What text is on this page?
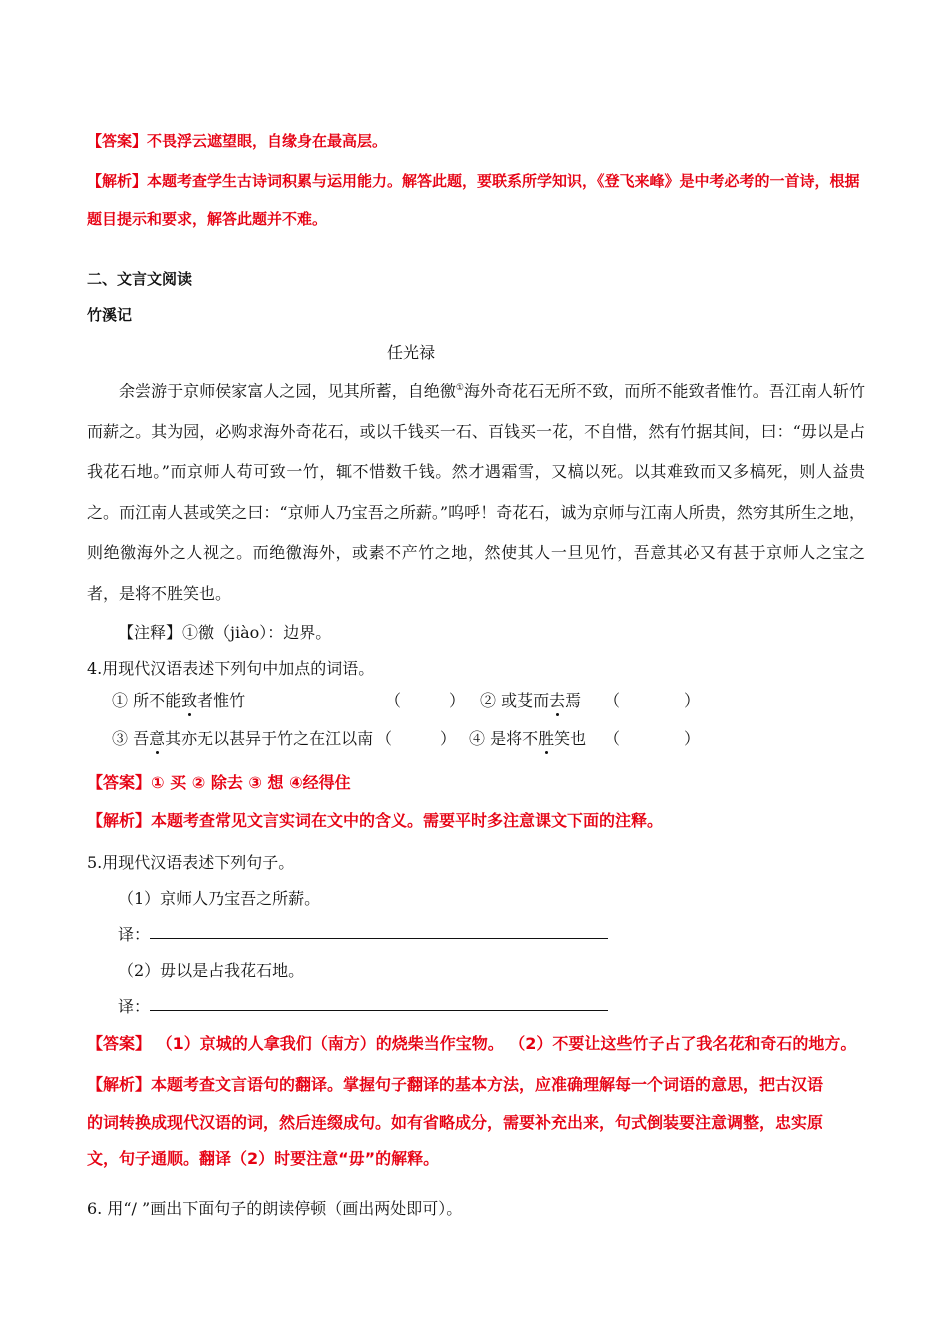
【答案】不畏浮云遮望眼，自缘身在最高层。
【解析】本题考查学生古诗词积累与运用能力。解答此题，要联系所学知识，《登飞来峰》是中考必考的一首诗，根据
题目提示和要求，解答此题并不难。
二、文言文阅读
竹溪记
任光禄

余尝游于京师侯家富人之园，见其所蓄，自绝徼①海外奇花石无所不致，而所不能致者惟竹。吾江南人斩竹而薪之。其为园，必购求海外奇花石，或以千钱买一石、百钱买一花，不自惜，然有竹据其间，曰：“毋以是占我花石地。”而京师人苟可致一竹，辄不惜数千钱。然才遇霜雪，又槁以死。以其难致而又多槁死，则人益贵之。而江南人甚或笑之曰：“京师人乃宝吾之所薪。”呜呼！奇花石，诚为京师与江南人所贵，然穷其所生之地，则绝徼海外之人视之。而绝徼海外，或素不产竹之地，然使其人一旦见竹，吾意其必又有甚于京师人之宝之者，是将不胜笑也。

【注释】①徼（jiào）：边界。
4.用现代汉语表述下列句中加点的词语。
① 所不能致者惟竹	（　　　） ② 或芟而去焉 （　　　　）
③ 吾意其亦无以甚异于竹之在江以南 （　　　） ④ 是将不胜笑也 （　　　　）
【答案】① 买 ② 除去 ③ 想 ④经得住
【解析】本题考查常见文言实词在文中的含义。需要平时多注意课文下面的注释。
5.用现代汉语表述下列句子。
（1）京师人乃宝吾之所薪。
译：
（2）毋以是占我花石地。
译：
【答案】 （1）京城的人拿我们（南方）的烧柴当作宝物。 （2）不要让这些竹子占了我名花和奇石的地方。
【解析】本题考查文言语句的翻译。掌握句子翻译的基本方法，应准确理解每一个词语的意思，把古汉语
的词转换成现代汉语的词，然后连缀成句。如有省略成分，需要补充出来，句式倒装要注意调整，忠实原
文，句子通顺。翻译（2）时要注意“毋”的解释。
6. 用“/ ”画出下面句子的朗读停顿（画出两处即可）。
